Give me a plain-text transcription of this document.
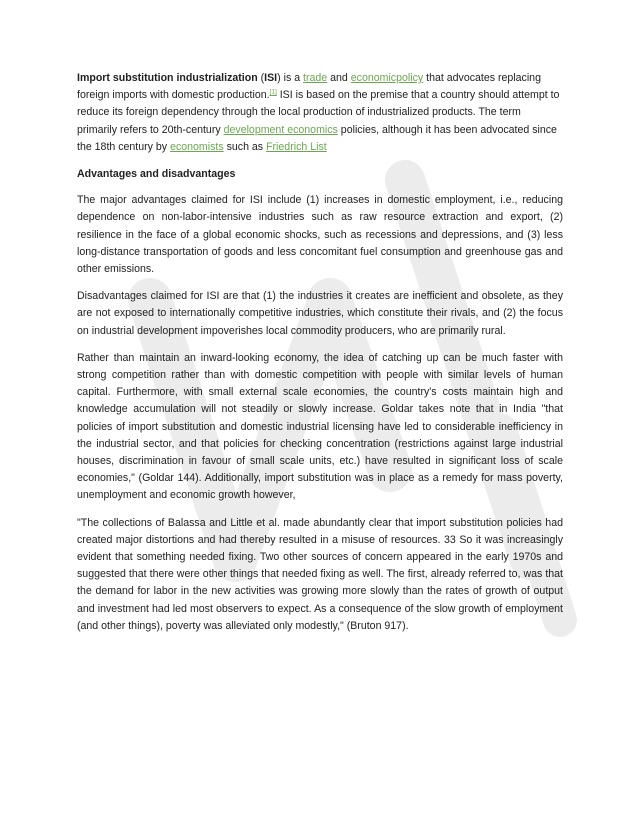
Import substitution industrialization (ISI) is a trade and economicpolicy that advocates replacing foreign imports with domestic production.[1] ISI is based on the premise that a country should attempt to reduce its foreign dependency through the local production of industrialized products. The term primarily refers to 20th-century development economics policies, although it has been advocated since the 18th century by economists such as Friedrich List

Advantages and disadvantages

The major advantages claimed for ISI include (1) increases in domestic employment, i.e., reducing dependence on non-labor-intensive industries such as raw resource extraction and export, (2) resilience in the face of a global economic shocks, such as recessions and depressions, and (3) less long-distance transportation of goods and less concomitant fuel consumption and greenhouse gas and other emissions.

Disadvantages claimed for ISI are that (1) the industries it creates are inefficient and obsolete, as they are not exposed to internationally competitive industries, which constitute their rivals, and (2) the focus on industrial development impoverishes local commodity producers, who are primarily rural.

Rather than maintain an inward-looking economy, the idea of catching up can be much faster with strong competition rather than with domestic competition with people with similar levels of human capital. Furthermore, with small external scale economies, the country's costs maintain high and knowledge accumulation will not steadily or slowly increase. Goldar takes note that in India "that policies of import substitution and domestic industrial licensing have led to considerable inefficiency in the industrial sector, and that policies for checking concentration (restrictions against large industrial houses, discrimination in favour of small scale units, etc.) have resulted in significant loss of scale economies," (Goldar 144). Additionally, import substitution was in place as a remedy for mass poverty, unemployment and economic growth however,

"The collections of Balassa and Little et al. made abundantly clear that import substitution policies had created major distortions and had thereby resulted in a misuse of resources. 33 So it was increasingly evident that something needed fixing. Two other sources of concern appeared in the early 1970s and suggested that there were other things that needed fixing as well. The first, already referred to, was that the demand for labor in the new activities was growing more slowly than the rates of growth of output and investment had led most observers to expect. As a consequence of the slow growth of employment (and other things), poverty was alleviated only modestly," (Bruton 917).
